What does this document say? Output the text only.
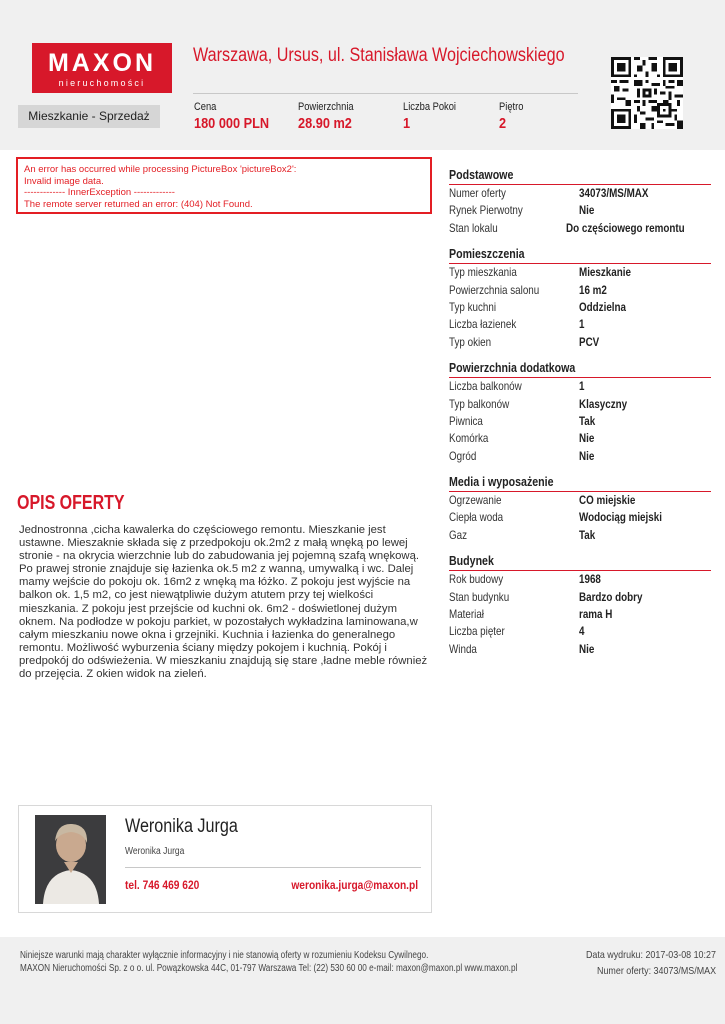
MAXON
nieruchomości
Warszawa, Ursus, ul. Stanisława Wojciechowskiego
Mieszkanie - Sprzedaż
Cena
180 000 PLN
Powierzchnia
28.90 m2
Liczba Pokoi
1
Piętro
2
An error has occurred while processing PictureBox 'pictureBox2':
Invalid image data.
------------- InnerException -------------
The remote server returned an error: (404) Not Found.
OPIS OFERTY
Jednostronna ,cicha kawalerka do częściowego remontu. Mieszkanie jest ustawne. Mieszaknie składa się z przedpokoju ok.2m2 z małą wnęką po lewej stronie - na okrycia wierzchnie lub do zabudowania jej pojemną szafą wnękową. Po prawej stronie znajduje się łazienka ok.5 m2 z wanną, umywalką i wc. Dalej mamy wejście do pokoju ok. 16m2 z wnęką ma łóżko. Z pokoju jest wyjście na balkon ok. 1,5 m2, co jest niewątpliwie dużym atutem przy tej wielkości mieszkania. Z pokoju jest przejście od kuchni ok. 6m2 - doświetlonej dużym oknem. Na podłodze w pokoju parkiet, w pozostałych wykładzina laminowana,w całym mieszkaniu nowe okna i grzejniki. Kuchnia i łazienka do generalnego remontu. Możliwość wyburzenia ściany między pokojem i kuchnią. Pokój i predpokój do odświeżenia. W mieszkaniu znajdują się stare ,ładne meble również do przejęcia. Z okien widok na zieleń.
Podstawowe
Numer oferty	34073/MS/MAX
Rynek Pierwotny	Nie
Stan lokalu	Do częściowego remontu
Pomieszczenia
Typ mieszkania	Mieszkanie
Powierzchnia salonu	16 m2
Typ kuchni	Oddzielna
Liczba łazienek	1
Typ okien	PCV
Powierzchnia dodatkowa
Liczba balkonów	1
Typ balkonów	Klasyczny
Piwnica	Tak
Komórka	Nie
Ogród	Nie
Media i wyposażenie
Ogrzewanie	CO miejskie
Ciepła woda	Wodociąg miejski
Gaz	Tak
Budynek
Rok budowy	1968
Stan budynku	Bardzo dobry
Materiał	rama H
Liczba pięter	4
Winda	Nie
Weronika Jurga
Weronika Jurga
tel. 746 469 620	weronika.jurga@maxon.pl
Niniejsze warunki mają charakter wyłącznie informacyjny i nie stanowią oferty w rozumieniu Kodeksu Cywilnego.
MAXON Nieruchomości Sp. z o o. ul. Powązkowska 44C, 01-797 Warszawa Tel: (22) 530 60 00 e-mail: maxon@maxon.pl www.maxon.pl
Data wydruku: 2017-03-08 10:27
Numer oferty: 34073/MS/MAX
